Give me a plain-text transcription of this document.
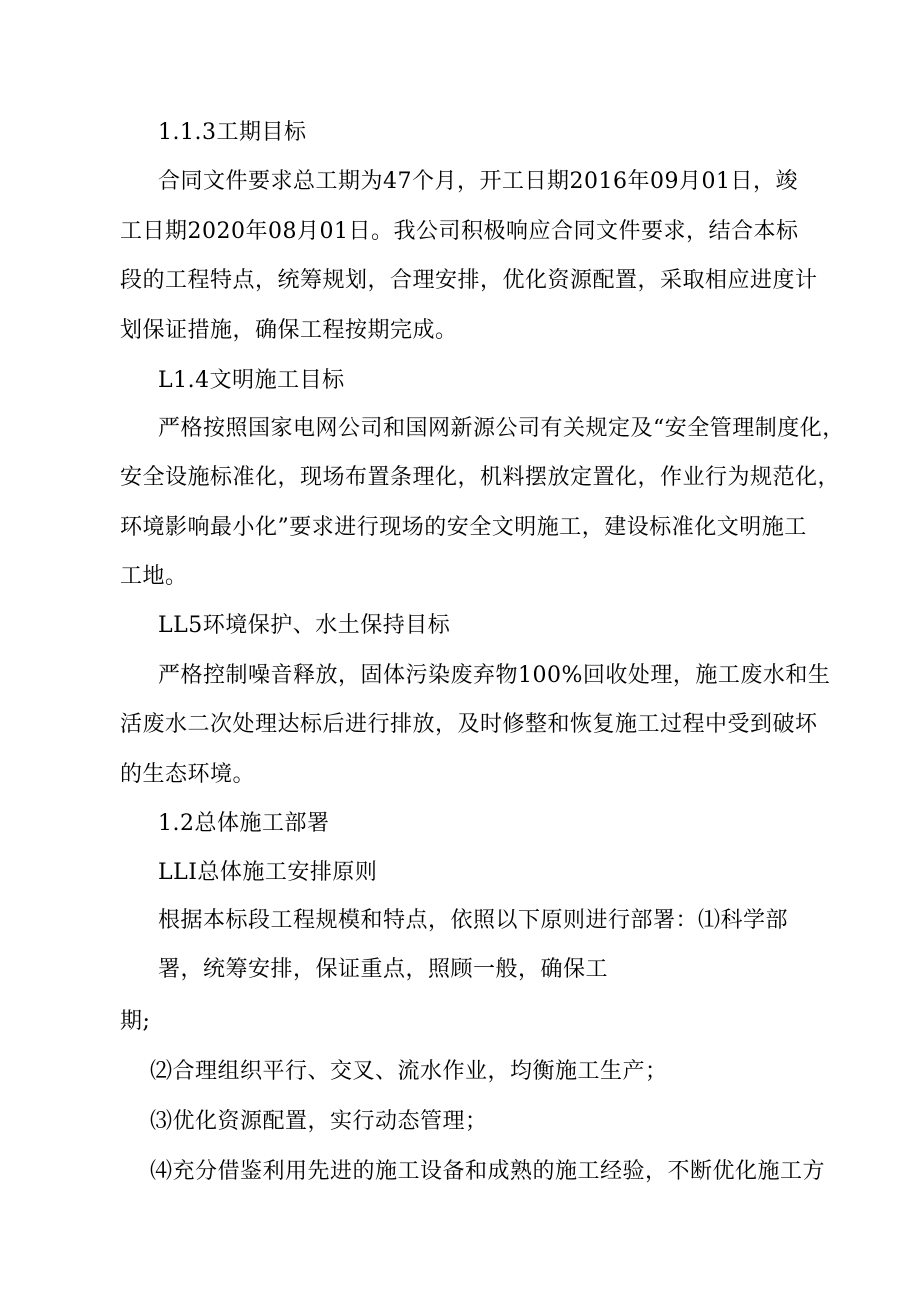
1.1.3工期目标
合同文件要求总工期为47个月，开工日期2016年09月01日，竣
工日期2020年08月01日。我公司积极响应合同文件要求，结合本标
段的工程特点，统筹规划，合理安排，优化资源配置，采取相应进度计
划保证措施，确保工程按期完成。
L1.4文明施工目标
严格按照国家电网公司和国网新源公司有关规定及“安全管理制度化，
安全设施标准化，现场布置条理化，机料摆放定置化，作业行为规范化，
环境影响最小化”要求进行现场的安全文明施工，建设标准化文明施工
工地。
LL5环境保护、水土保持目标
严格控制噪音释放，固体污染废弃物100%回收处理，施工废水和生
活废水二次处理达标后进行排放，及时修整和恢复施工过程中受到破坏
的生态环境。
1.2总体施工部署
LLI总体施工安排原则
根据本标段工程规模和特点，依照以下原则进行部署：⑴科学部
署，统筹安排，保证重点，照顾一般，确保工
期;
⑵合理组织平行、交叉、流水作业，均衡施工生产；
⑶优化资源配置，实行动态管理；
⑷充分借鉴利用先进的施工设备和成熟的施工经验，不断优化施工方
